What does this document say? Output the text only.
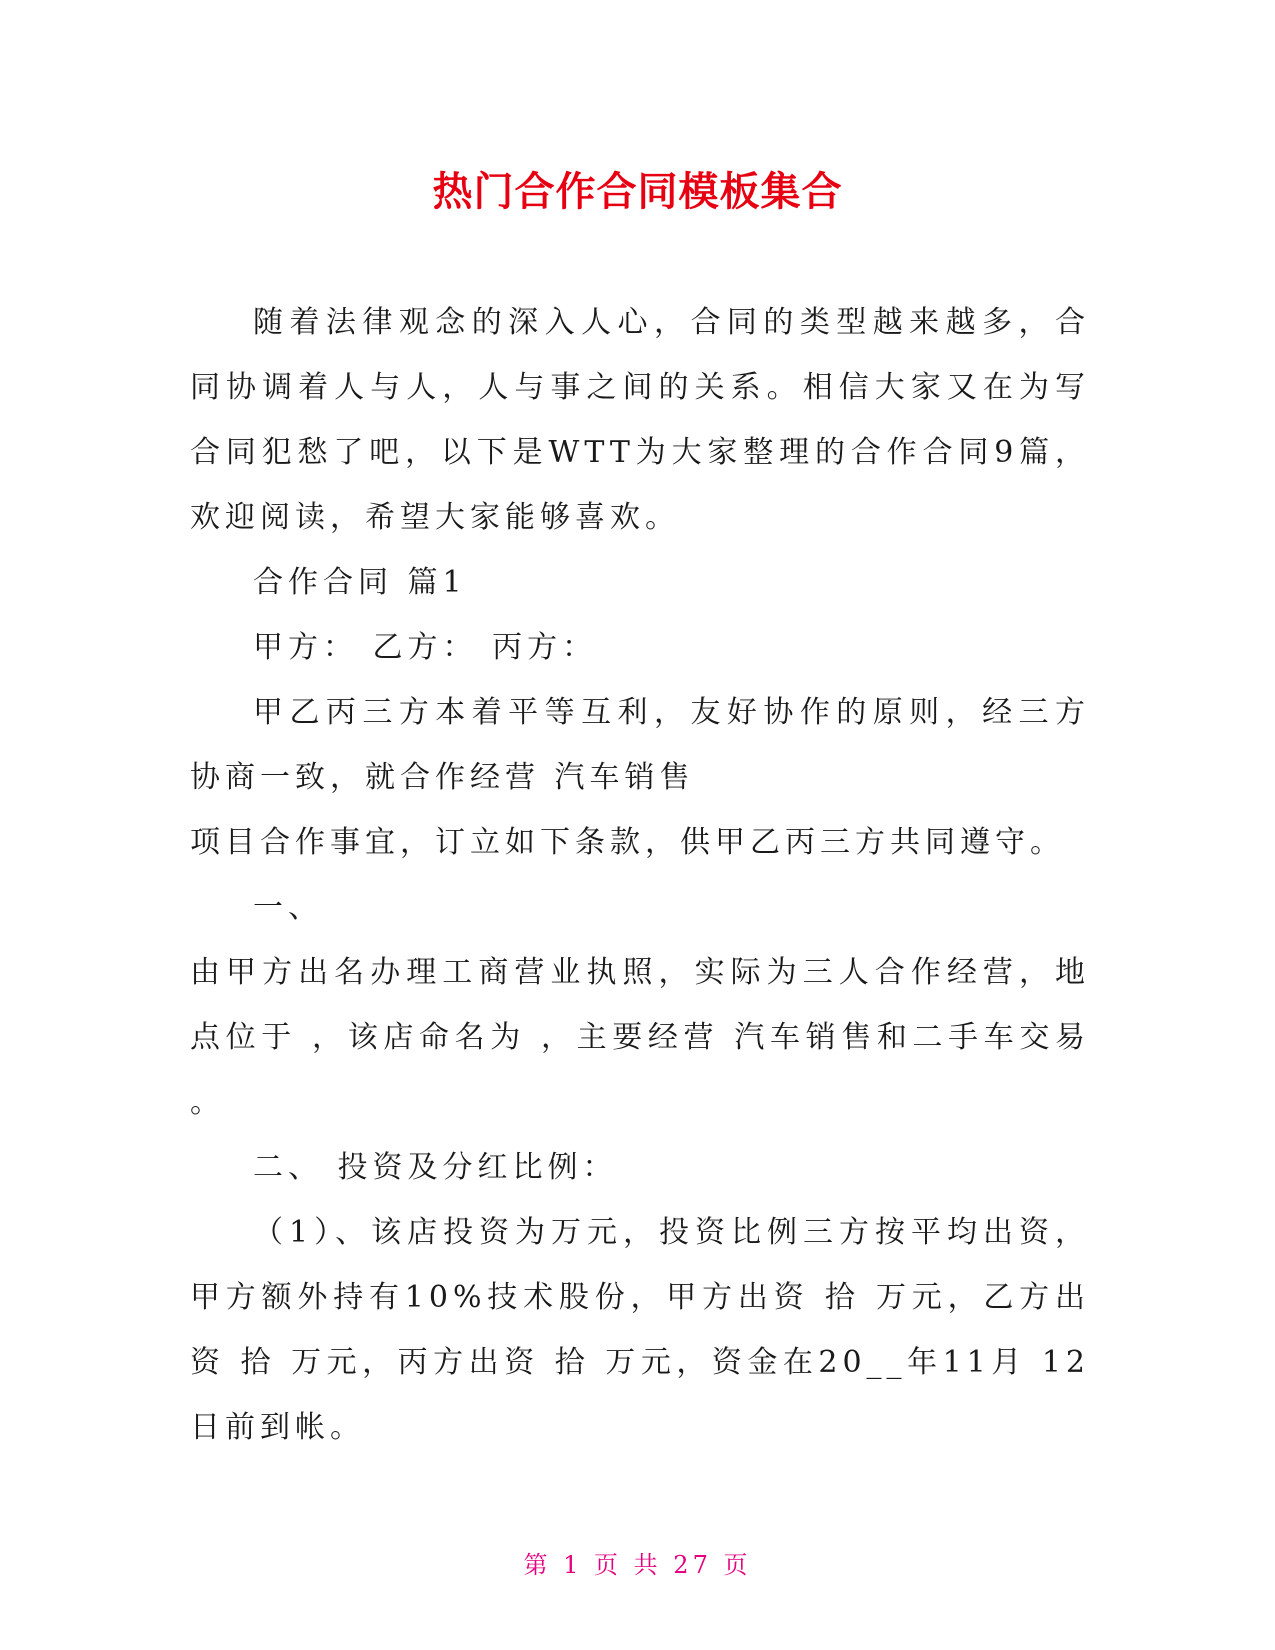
热门合作合同模板集合

随着法律观念的深入人心，合同的类型越来越多，合同协调着人与人，人与事之间的关系。相信大家又在为写合同犯愁了吧，以下是WTT为大家整理的合作合同9篇，欢迎阅读，希望大家能够喜欢。

合作合同 篇1

甲方： 乙方： 丙方：

甲乙丙三方本着平等互利，友好协作的原则，经三方协商一致，就合作经营 汽车销售

项目合作事宜，订立如下条款，供甲乙丙三方共同遵守。

一、

由甲方出名办理工商营业执照，实际为三人合作经营，地点位于 ，该店命名为 ，主要经营 汽车销售和二手车交易 。

二、 投资及分红比例：

（1）、该店投资为万元，投资比例三方按平均出资，甲方额外持有10%技术股份，甲方出资 拾 万元，乙方出资 拾 万元，丙方出资 拾 万元，资金在20__年11月 12 日前到帐。

第 1 页 共 27 页
